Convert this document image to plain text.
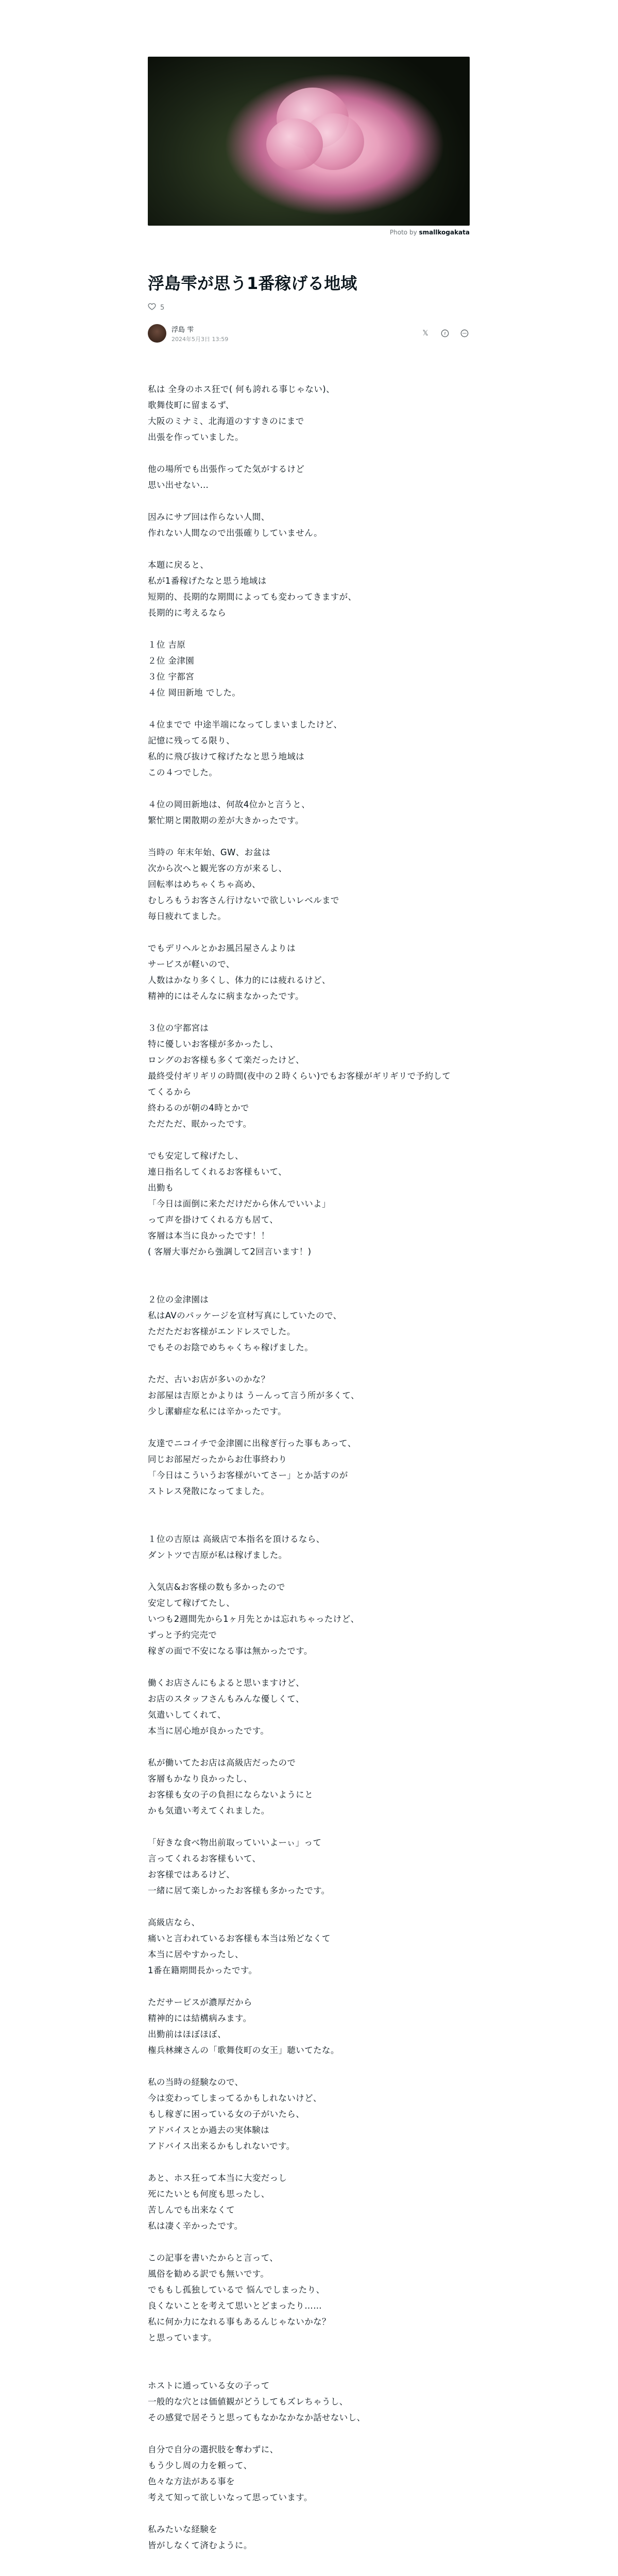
Photo by smallkogakata
浮島雫が思う1番稼げる地域
5
浮島 雫
2024年5月3日 13:59
𝕏	f

私は 全身のホス狂で( 何も誇れる事じゃない)、
歌舞伎町に留まるず、
大阪のミナミ、北海道のすすきのにまで
出張を作っていました。

他の場所でも出張作ってた気がするけど
思い出せない…

因みにサブ回は作らない人間、
作れない人間なので出張確りしていません。

本題に戻ると、
私が1番稼げたなと思う地域は
短期的、長期的な期間によっても変わってきますが、
長期的に考えるなら

１位 吉原
２位 金津園
３位 宇都宮
４位 岡田新地 でした。

４位までで 中途半端になってしまいましたけど、
記憶に残ってる限り、
私的に飛び抜けて稼げたなと思う地域は
この４つでした。

４位の岡田新地は、何故4位かと言うと、
繁忙期と閑散期の差が大きかったです。

当時の 年末年始、GW、お盆は
次から次へと観光客の方が来るし、
回転率はめちゃくちゃ高め、
むしろもうお客さん行けないで欲しいレベルまで
毎日疲れてました。

でもデリヘルとかお風呂屋さんよりは
サービスが軽いので、
人数はかなり多くし、体力的には疲れるけど、
精神的にはそんなに病まなかったです。

３位の宇都宮は
特に優しいお客様が多かったし、
ロングのお客様も多くて楽だったけど、
最終受付ギリギリの時間(夜中の２時くらい)でもお客様がギリギリで予約して
てくるから
終わるのが朝の4時とかで
ただただ、眠かったです。

でも安定して稼げたし、
連日指名してくれるお客様もいて、
出勤も
「今日は面倒に来ただけだから休んでいいよ」
って声を掛けてくれる方も居て、
客層は本当に良かったです！！
( 客層大事だから強調して2回言います！)

２位の金津園は
私はAVのパッケージを宣材写真にしていたので、
ただただお客様がエンドレスでした。
でもそのお陰でめちゃくちゃ稼げました。

ただ、古いお店が多いのかな？
お部屋は吉原とかよりは うーんって言う所が多くて、
少し潔癖症な私には辛かったです。

友達でニコイチで金津園に出稼ぎ行った事もあって、
同じお部屋だったからお仕事終わり
「今日はこういうお客様がいてさー」とか話すのが
ストレス発散になってました。

１位の吉原は 高級店で本指名を頂けるなら、
ダントツで吉原が私は稼げました。

入気店&お客様の数も多かったので
安定して稼げてたし、
いつも2週間先から1ヶ月先とかは忘れちゃったけど、
ずっと予約完売で
稼ぎの面で不安になる事は無かったです。

働くお店さんにもよると思いますけど、
お店のスタッフさんもみんな優しくて、
気遣いしてくれて、
本当に居心地が良かったです。

私が働いてたお店は高級店だったので
客層もかなり良かったし、
お客様も女の子の負担にならないようにと
かも気遣い考えてくれました。

「好きな食べ物出前取っていいよーぃ」って
言ってくれるお客様もいて、
お客様ではあるけど、
一緒に居て楽しかったお客様も多かったです。

高級店なら、
痛いと言われているお客様も本当は殆どなくて
本当に居やすかったし、
1番在籍期間長かったです。

ただサービスが濃厚だから
精神的には結構病みます。
出勤前はほぼほぼ、
権兵林練さんの「歌舞伎町の女王」聴いてたな。

私の当時の経験なので、
今は変わってしまってるかもしれないけど、
もし稼ぎに困っている女の子がいたら、
アドバイスとか過去の実体験は
アドバイス出来るかもしれないです。

あと、ホス狂って本当に大変だっし
死にたいとも何度も思ったし、
苦しんでも出来なくて
私は凄く辛かったです。

この記事を書いたからと言って、
風俗を勧める訳でも無いです。
でももし孤独しているで 悩んでしまったり、
良くないことを考えて思いとどまったり……
私に何か力になれる事もあるんじゃないかな？
と思っています。

ホストに通っている女の子って
一般的な穴とは価値観がどうしてもズレちゃうし、
その感覚で居そうと思ってもなかなかなか話せないし、

自分で自分の選択肢を奪わずに、
もう少し周の力を頼って、
色々な方法がある事を
考えて知って欲しいなって思っています。

私みたいな経験を
皆がしなくて済むように。
